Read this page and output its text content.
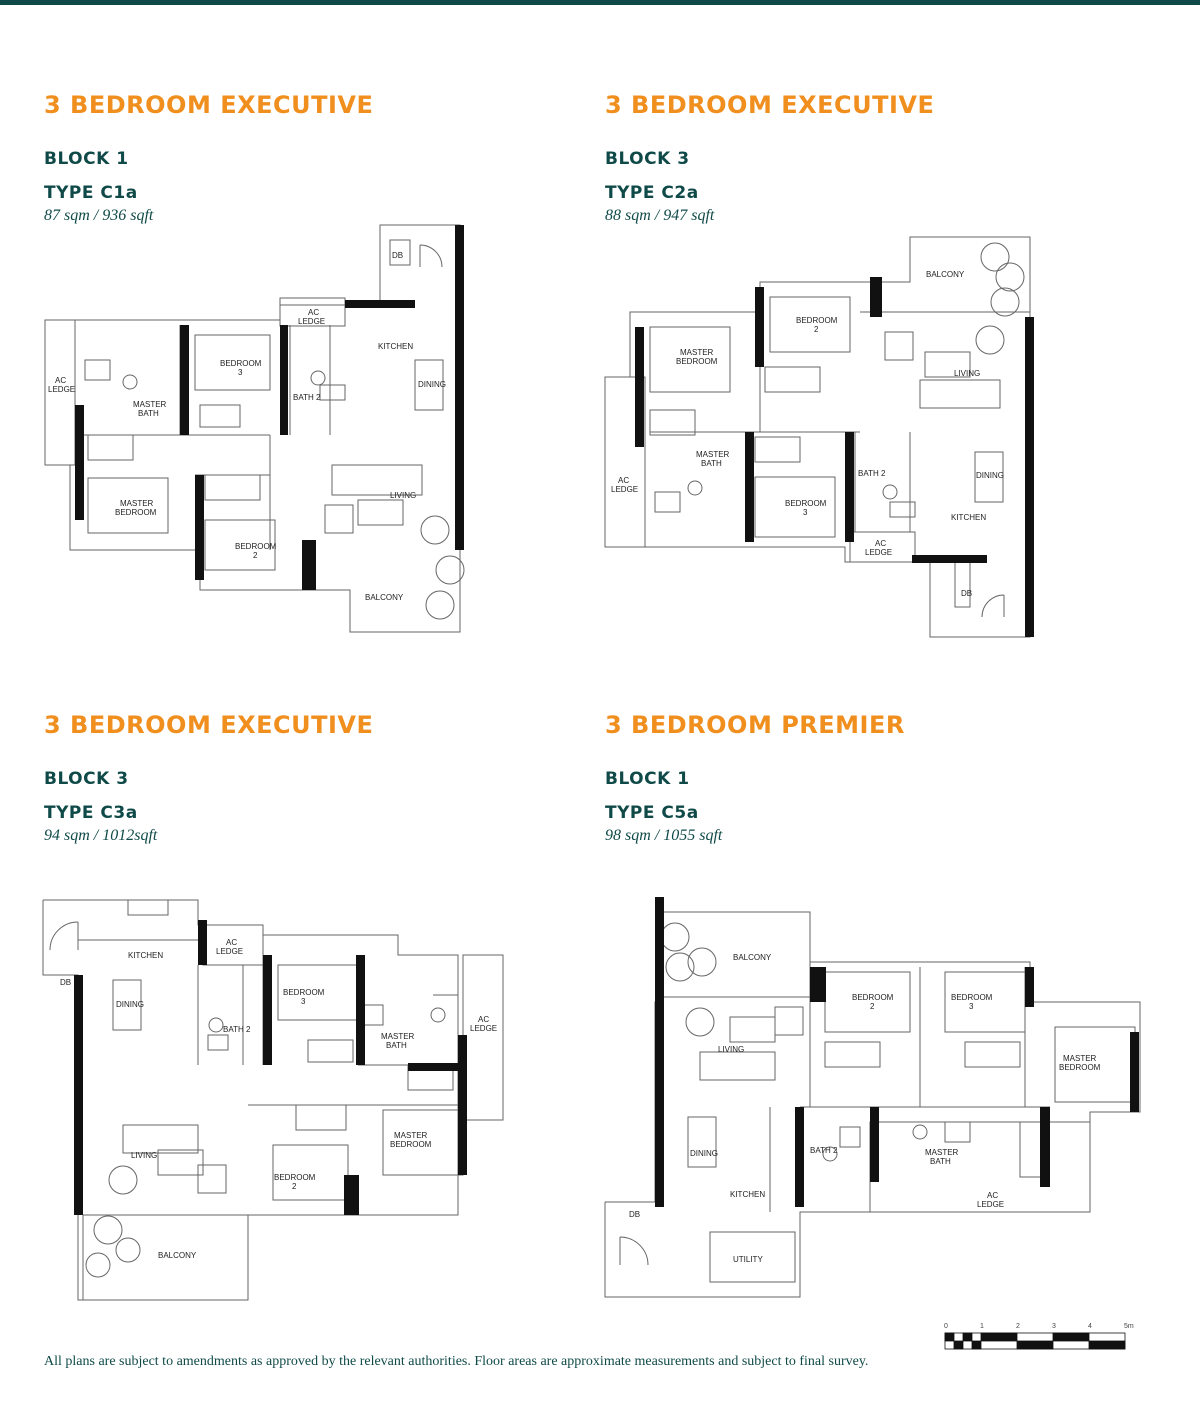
3 BEDROOM EXECUTIVE
BLOCK 1
TYPE C1a

87 sqm / 936 sqft

DB
AC
LEDGE
KITCHEN
DINING
BEDROOM
3
AC
LEDGE
MASTER
BATH
BATH 2
MASTER
BEDROOM
LIVING
BEDROOM
2
BALCONY
3 BEDROOM EXECUTIVE
BLOCK 3
TYPE C2a

88 sqm / 947 sqft

BALCONY
BEDROOM
2
MASTER
BEDROOM
LIVING
MASTER
BATH
BATH 2	DINING
AC
LEDGE
BEDROOM
3
KITCHEN
AC
LEDGE
DB
3 BEDROOM EXECUTIVE
BLOCK 3
TYPE C3a

94 sqm / 1012sqft

KITCHEN
AC
LEDGE
DB
BEDROOM
3
DINING
MASTER
BATH
AC
LEDGE
BATH 2
LIVING
MASTER
BEDROOM
BEDROOM
2
BALCONY
3 BEDROOM PREMIER
BLOCK 1
TYPE C5a

98 sqm / 1055 sqft

BALCONY
BEDROOM
2
BEDROOM
3
LIVING
MASTER
BEDROOM
DINING	BATH 2	MASTER
BATH
KITCHEN	AC
LEDGE
DB
UTILITY
0	1	2	3	4	5m

All plans are subject to amendments as approved by the relevant authorities. Floor areas are approximate measurements and subject to final survey.
